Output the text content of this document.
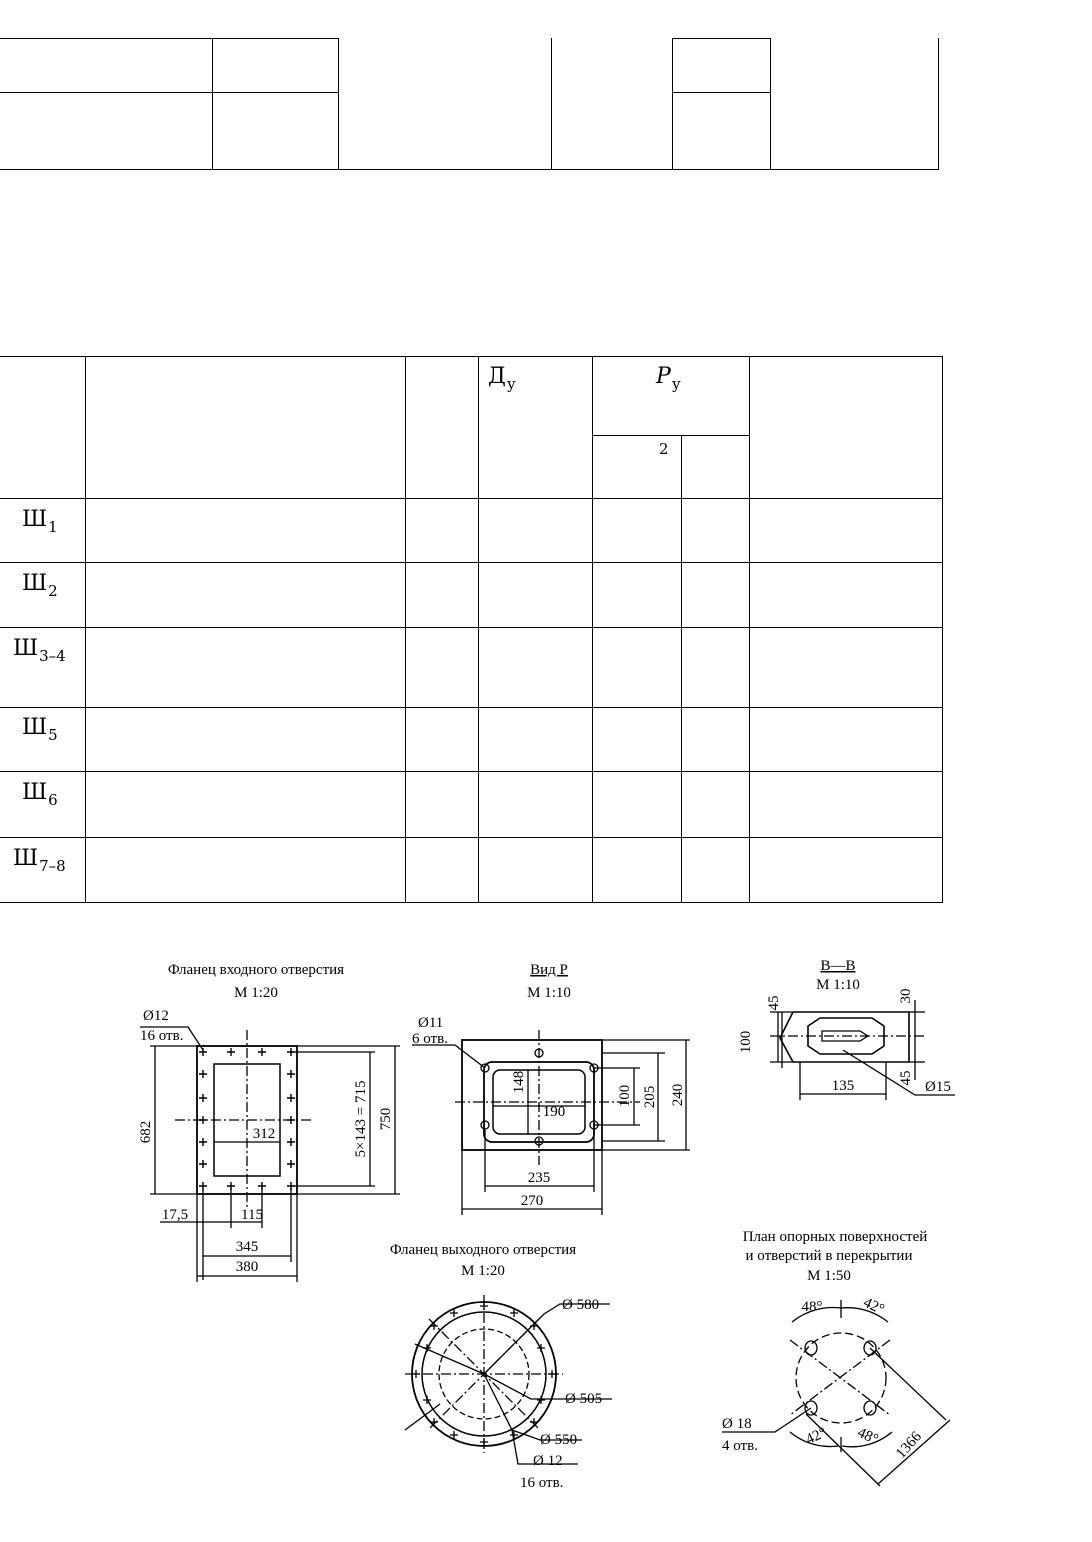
Ду	Pу
2
Ш1
Ш2
Ш3–4
Ш5
Ш6
Ш7–8
Фланец входного отверстия
М 1:20
Ø12
16 отв.
682	312	5×143 = 715 750
17,5	115
345
380
Вид Р
М 1:10
Ø11
6 отв.
148
190
100 205 240
235
270
В—В
М 1:10
45	30
100
135	45
Ø15
Фланец выходного отверстия
М 1:20
Ø 580
Ø 505
Ø 550
Ø 12
16 отв.
План опорных поверхностей
и отверстий в перекрытии
М 1:50
48°	42°
42° 48°
Ø 18
4 отв.	1366
